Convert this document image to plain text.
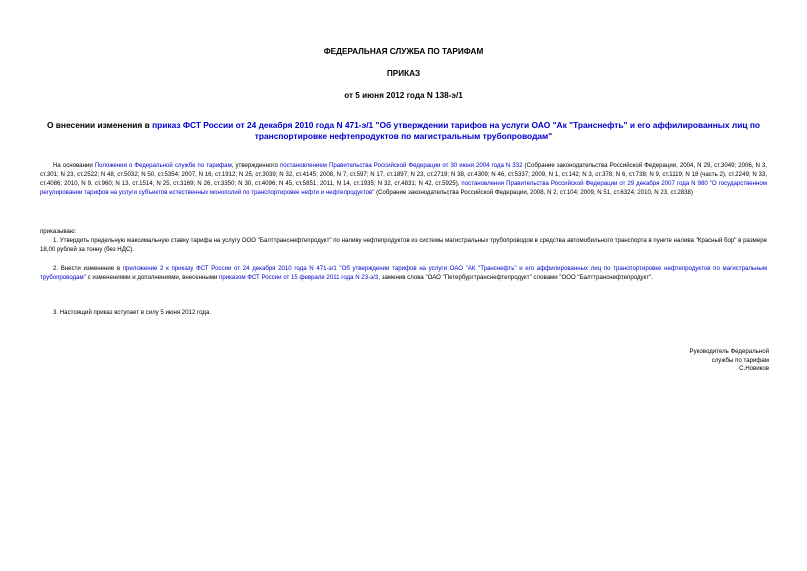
ФЕДЕРАЛЬНАЯ СЛУЖБА ПО ТАРИФАМ
ПРИКАЗ
от 5 июня 2012 года N 138-э/1
О внесении изменения в приказ ФСТ России от 24 декабря 2010 года N 471-э/1 "Об утверждении тарифов на услуги ОАО "Ак "Транснефть" и его аффилированных лиц по транспортировке нефтепродуктов по магистральным трубопроводам"
На основании Положения о Федеральной службе по тарифам, утвержденного постановлением Правительства Российской Федерации от 30 июня 2004 года N 332 (Собрание законодательства Российской Федерации, 2004, N 29, ст.3049; 2006, N 3, ст.301; N 23, ст.2522; N 48, ст.5032; N 50, ст.5354; 2007, N 16, ст.1912; N 25, ст.3039; N 32, ст.4145; 2008, N 7, ст.597; N 17, ст.1897; N 23, ст.2719; N 38, ст.4309; N 46, ст.5337; 2009, N 1, ст.142; N 3, ст.378; N 6, ст.738; N 9, ст.1119; N 18 (часть 2), ст.2249; N 33, ст.4086; 2010, N 9, ст.960; N 13, ст.1514; N 25, ст.3169; N 26, ст.3350; N 30, ст.4096; N 45, ст.5851; 2011, N 14, ст.1935; N 32, ст.4831; N 42, ст.5925), постановления Правительства Российской Федерации от 29 декабря 2007 года N 980 "О государственном регулировании тарифов на услуги субъектов естественных монополий по транспортировке нефти и нефтепродуктов" (Собрание законодательства Российской Федерации, 2008, N 2, ст.104; 2009, N 51, ст.6324; 2010, N 23, ст.2838)
приказываю:
1. Утвердить предельную максимальную ставку тарифа на услугу ООО "Балттранснефтепродукт" по наливу нефтепродуктов из системы магистральных трубопроводов в средства автомобильного транспорта в пункте налива "Красный бор" в размере 18,00 рублей за тонну (без НДС).
2. Внести изменение в приложение 2 к приказу ФСТ России от 24 декабря 2010 года N 471-э/1 "Об утверждении тарифов на услуги ОАО "АК "Транснефть" и его аффилированных лиц по транспортировке нефтепродуктов по магистральным трубопроводам" с изменениями и дополнениями, внесенными приказом ФСТ России от 15 февраля 2011 года N 23-э/3, заменив слова "ОАО "Петербургтранснефтепродукт" словами "ООО "Балттранснефтепродукт".
3. Настоящий приказ вступает в силу 5 июня 2012 года.
Руководитель Федеральной
службы по тарифам
С.Новиков
